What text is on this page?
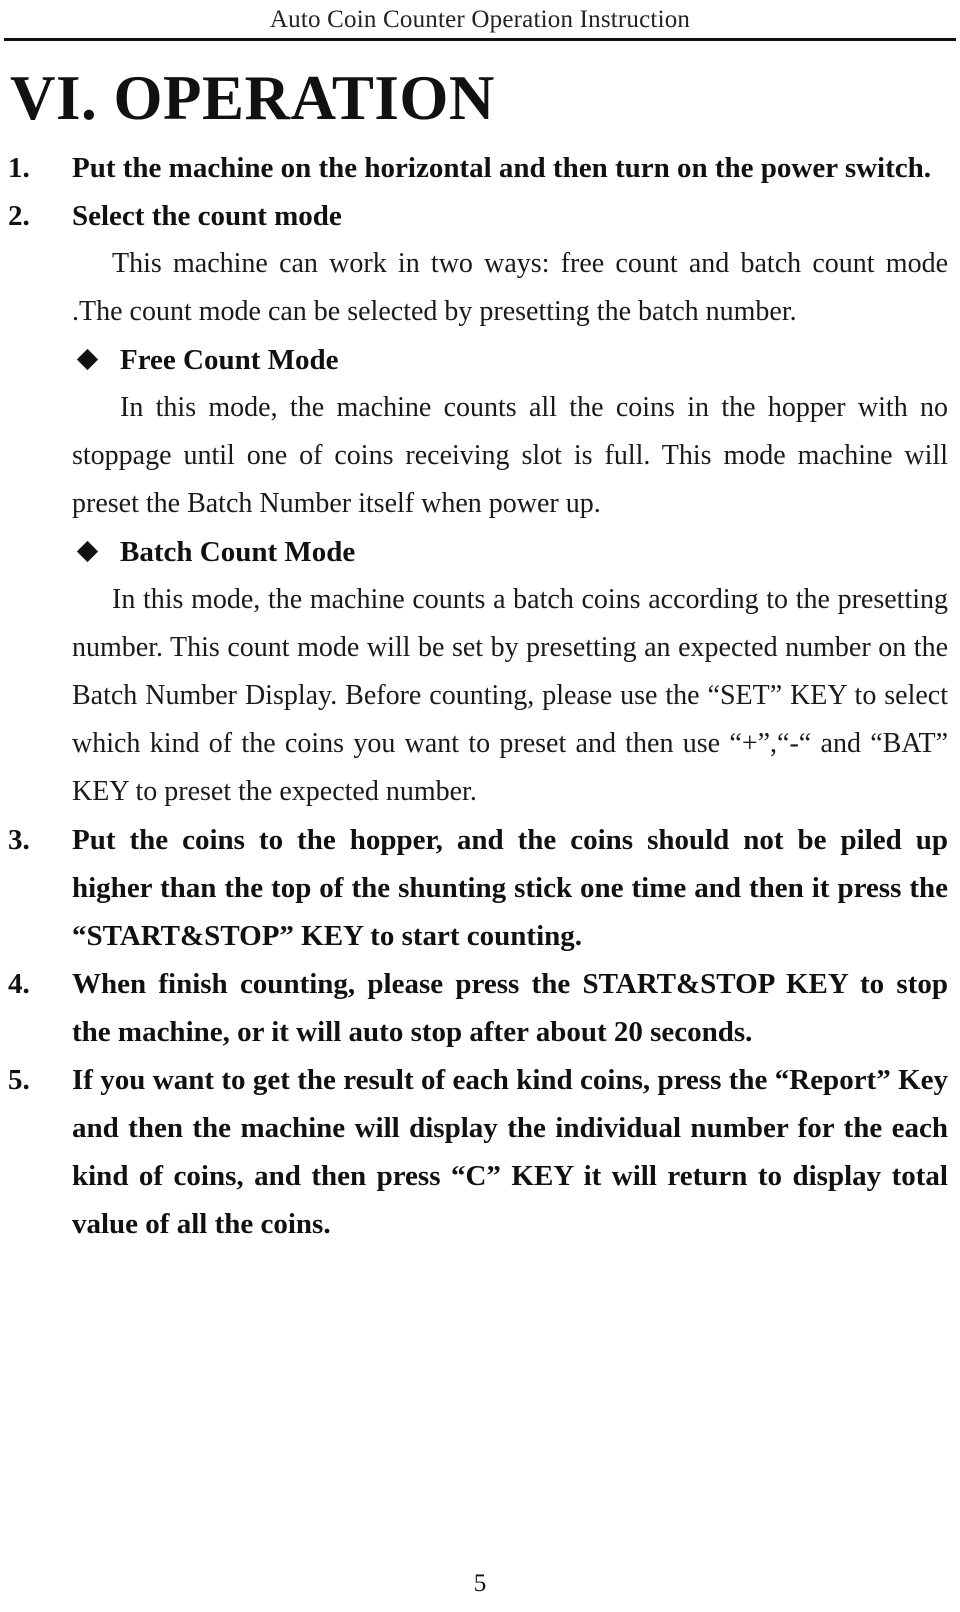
Auto Coin Counter Operation Instruction
VI. OPERATION
1. Put the machine on the horizontal and then turn on the power switch.
2. Select the count mode
This machine can work in two ways: free count and batch count mode .The count mode can be selected by presetting the batch number.
Free Count Mode
In this mode, the machine counts all the coins in the hopper with no stoppage until one of coins receiving slot is full. This mode machine will preset the Batch Number itself when power up.
Batch Count Mode
In this mode, the machine counts a batch coins according to the presetting number. This count mode will be set by presetting an expected number on the Batch Number Display. Before counting, please use the “SET” KEY to select which kind of the coins you want to preset and then use “+”,“-“ and “BAT” KEY to preset the expected number.
3. Put the coins to the hopper, and the coins should not be piled up higher than the top of the shunting stick one time and then it press the “START&STOP” KEY to start counting.
4. When finish counting, please press the START&STOP KEY to stop the machine, or it will auto stop after about 20 seconds.
5. If you want to get the result of each kind coins, press the “Report” Key and then the machine will display the individual number for the each kind of coins, and then press “C” KEY it will return to display total value of all the coins.
5
